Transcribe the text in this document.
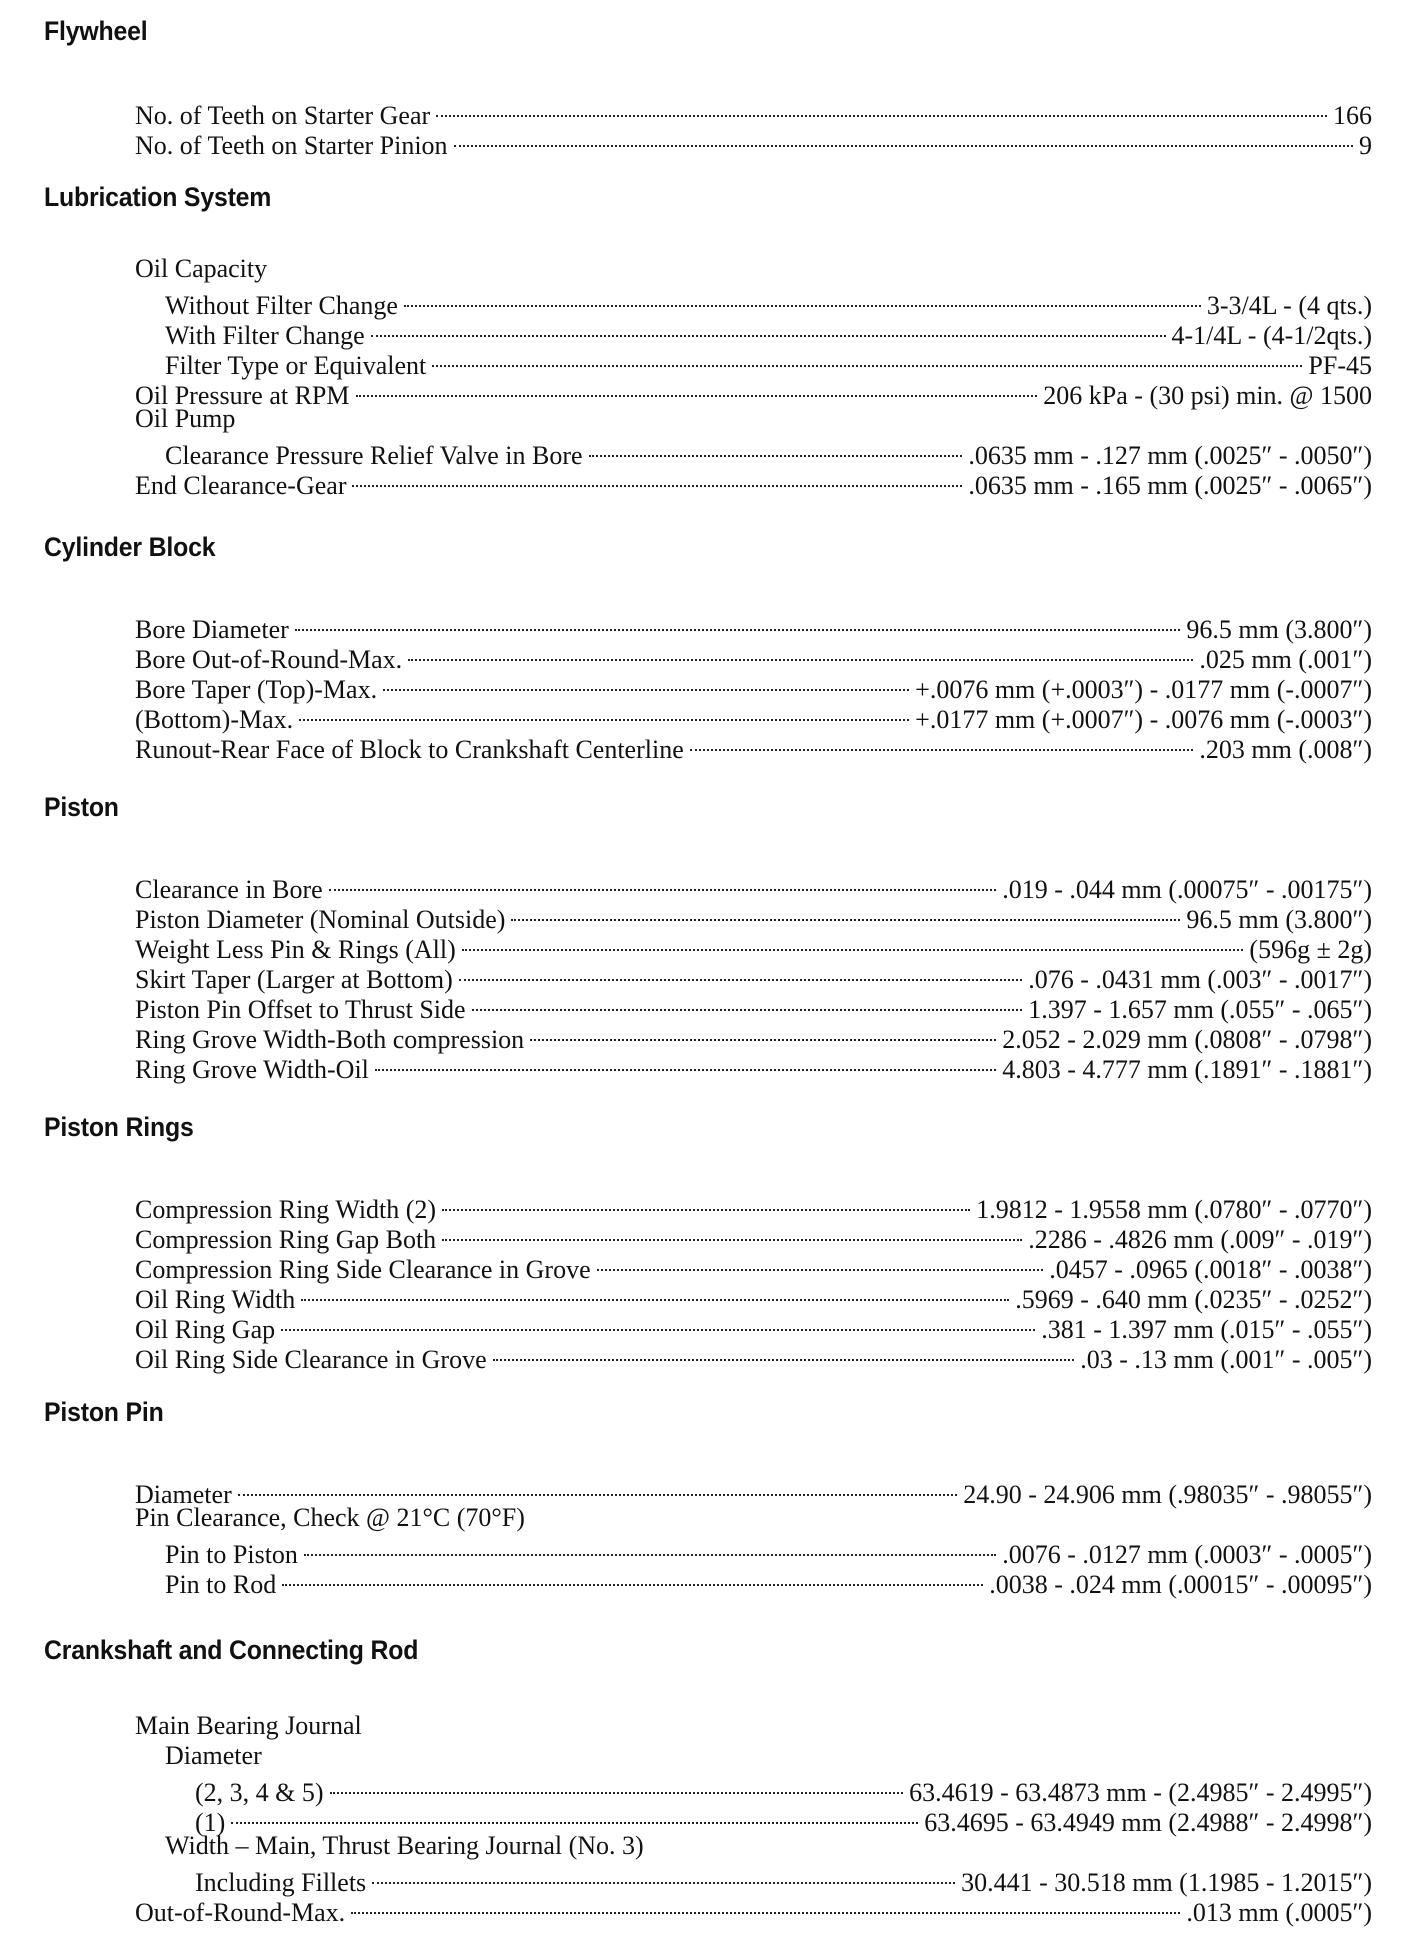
Flywheel
No. of Teeth on Starter Gear	166
No. of Teeth on Starter Pinion	9
Lubrication System
Oil Capacity
Without Filter Change	3-3/4L - (4 qts.)
With Filter Change	4-1/4L - (4-1/2qts.)
Filter Type or Equivalent	PF-45
Oil Pressure at RPM	206 kPa - (30 psi) min. @ 1500
Oil Pump
Clearance Pressure Relief Valve in Bore	.0635 mm - .127 mm (.0025″ - .0050″)
End Clearance-Gear	.0635 mm - .165 mm (.0025″ - .0065″)
Cylinder Block
Bore Diameter	96.5 mm (3.800″)
Bore Out-of-Round-Max.	.025 mm (.001″)
Bore Taper (Top)-Max.	+.0076 mm (+.0003″) - .0177 mm (-.0007″)
(Bottom)-Max.	+.0177 mm (+.0007″) - .0076 mm (-.0003″)
Runout-Rear Face of Block to Crankshaft Centerline	.203 mm (.008″)
Piston
Clearance in Bore	.019 - .044 mm (.00075″ - .00175″)
Piston Diameter (Nominal Outside)	96.5 mm (3.800″)
Weight Less Pin & Rings (All)	(596g ± 2g)
Skirt Taper (Larger at Bottom)	.076 - .0431 mm (.003″ - .0017″)
Piston Pin Offset to Thrust Side	1.397 - 1.657 mm (.055″ - .065″)
Ring Grove Width-Both compression	2.052 - 2.029 mm (.0808″ - .0798″)
Ring Grove Width-Oil	4.803 - 4.777 mm (.1891″ - .1881″)
Piston Rings
Compression Ring Width (2)	1.9812 - 1.9558 mm (.0780″ - .0770″)
Compression Ring Gap Both	.2286 - .4826 mm (.009″ - .019″)
Compression Ring Side Clearance in Grove	.0457 - .0965 (.0018″ - .0038″)
Oil Ring Width	.5969 - .640 mm (.0235″ - .0252″)
Oil Ring Gap	.381 - 1.397 mm (.015″ - .055″)
Oil Ring Side Clearance in Grove	.03 - .13 mm (.001″ - .005″)
Piston Pin
Diameter	24.90 - 24.906 mm (.98035″ - .98055″)
Pin Clearance, Check @ 21°C (70°F)
Pin to Piston	.0076 - .0127 mm (.0003″ - .0005″)
Pin to Rod	.0038 - .024 mm (.00015″ - .00095″)
Crankshaft and Connecting Rod
Main Bearing Journal
Diameter
(2, 3, 4 & 5)	63.4619 - 63.4873 mm - (2.4985″ - 2.4995″)
(1)	63.4695 - 63.4949 mm (2.4988″ - 2.4998″)
Width – Main, Thrust Bearing Journal (No. 3)
Including Fillets	30.441 - 30.518 mm (1.1985 - 1.2015″)
Out-of-Round-Max.	.013 mm (.0005″)
